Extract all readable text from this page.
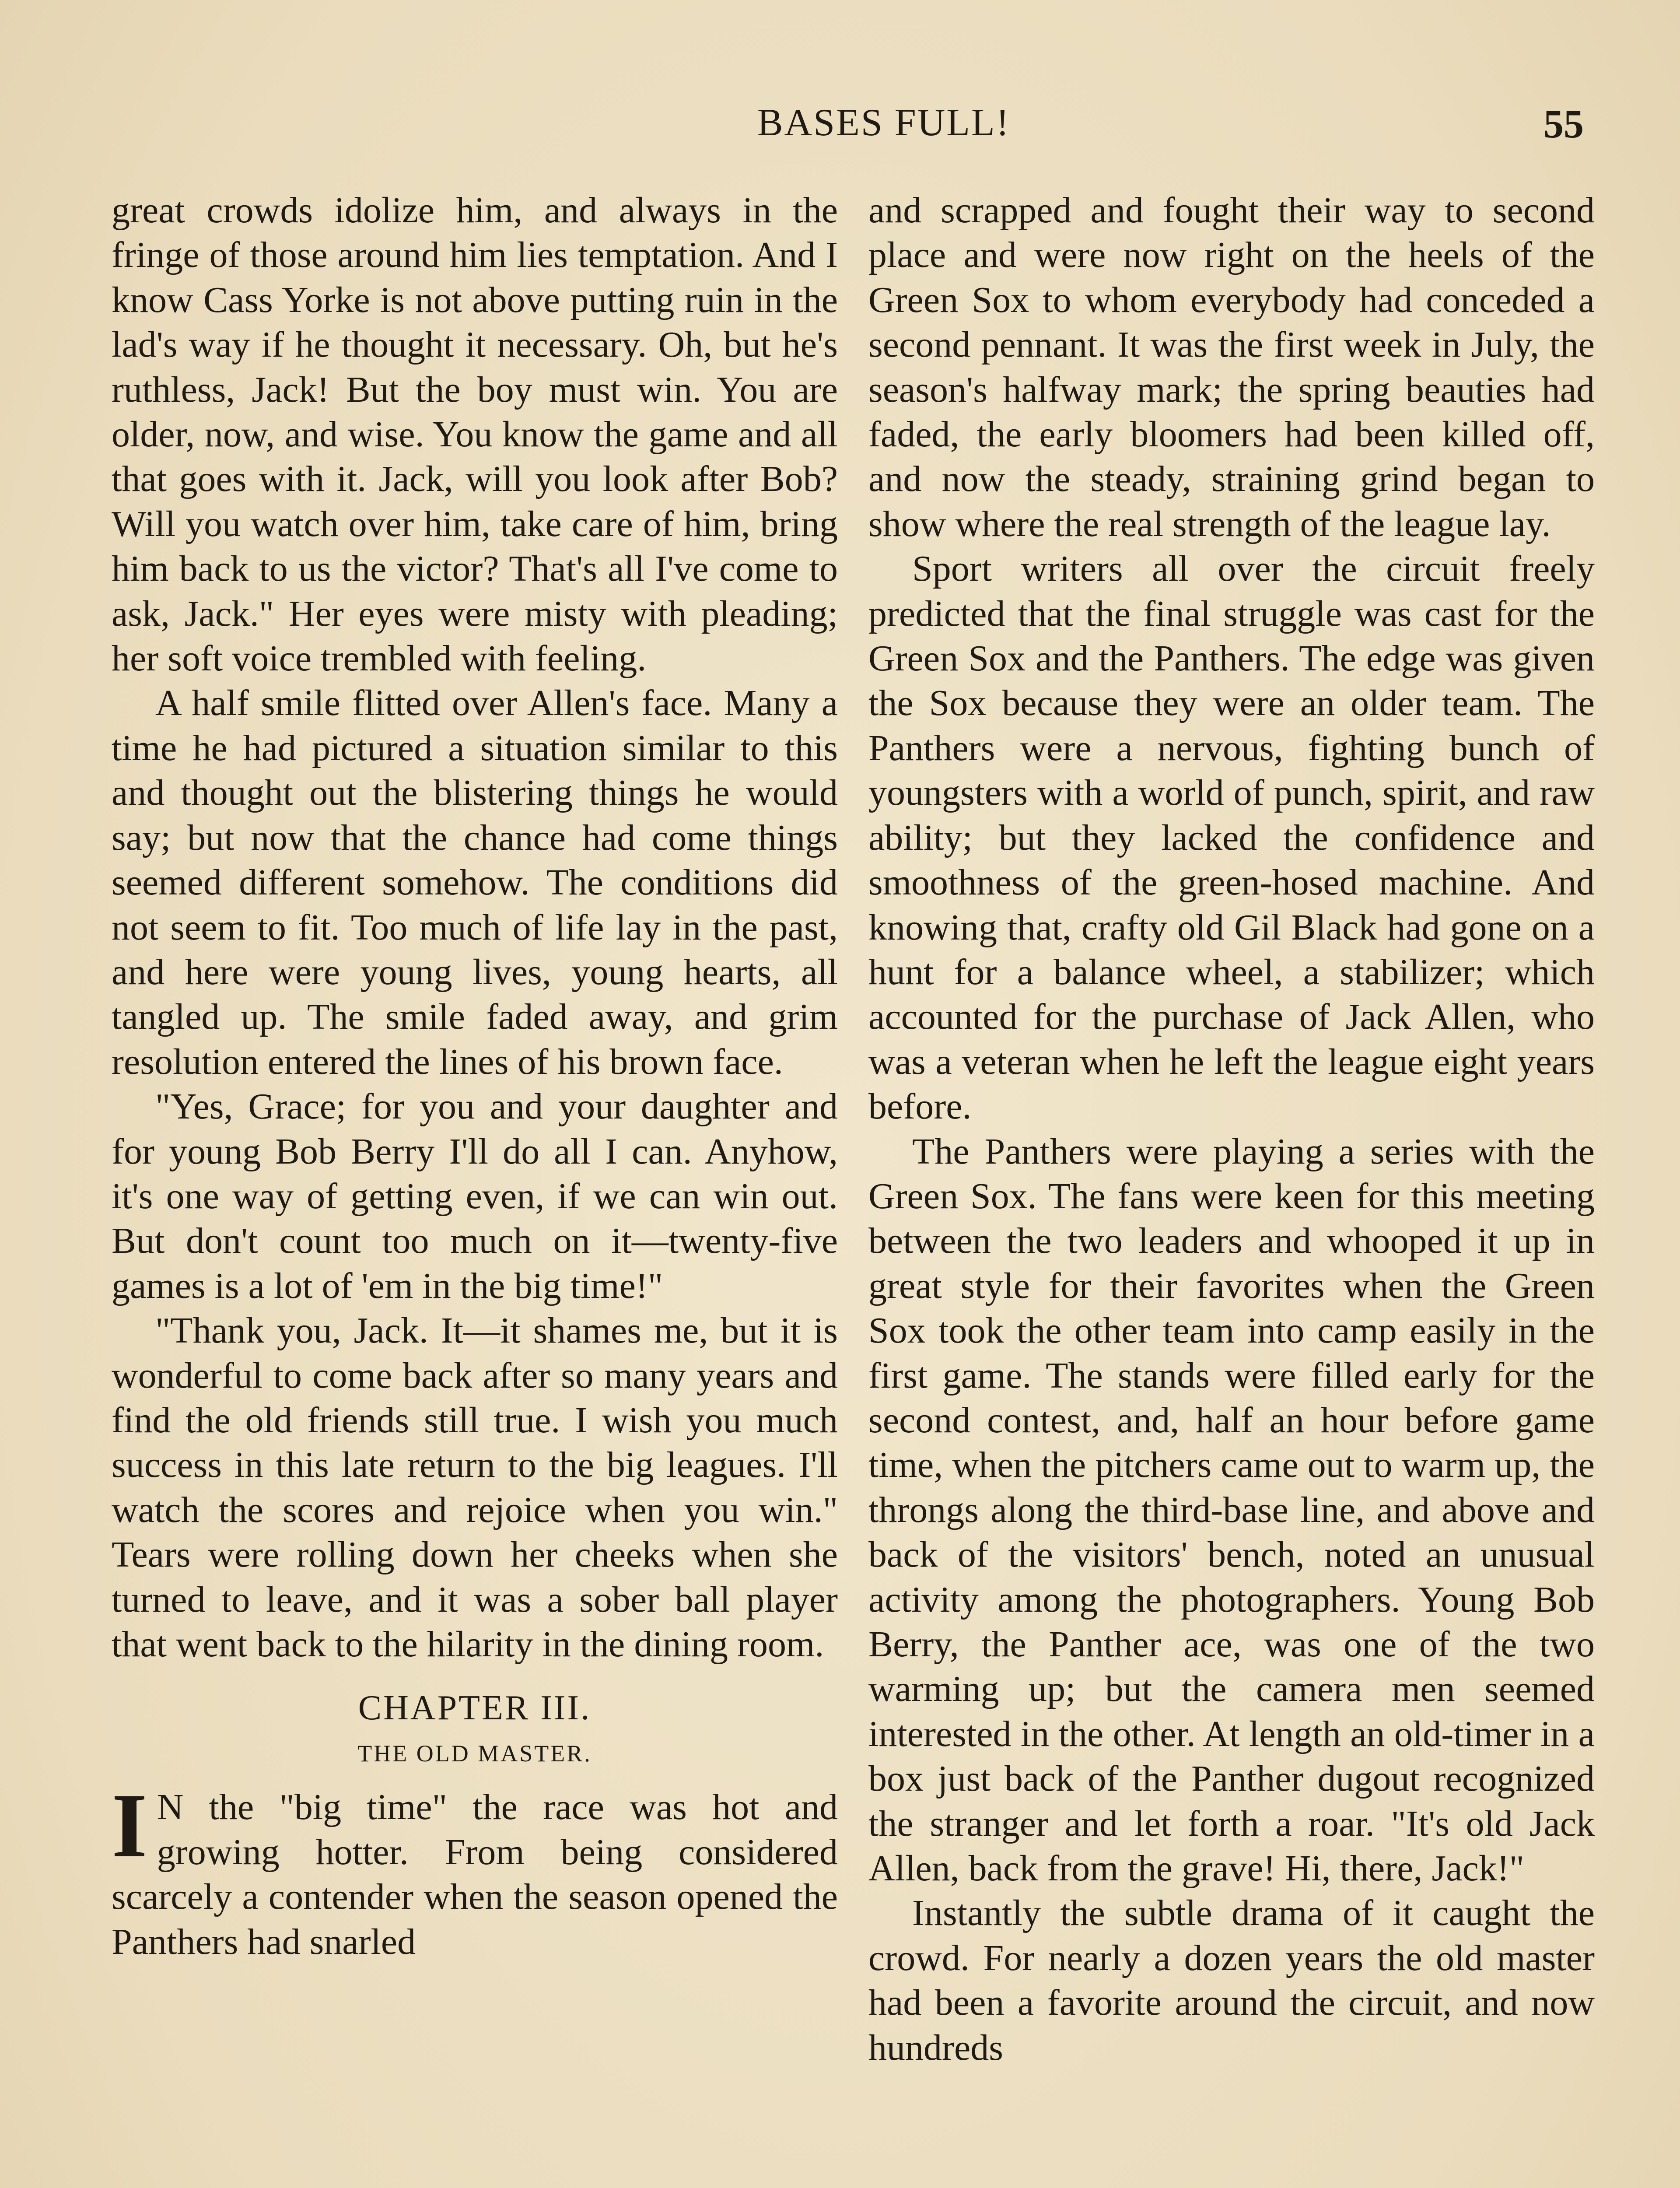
BASES FULL!	55

great crowds idolize him, and always in the fringe of those around him lies temptation. And I know Cass Yorke is not above putting ruin in the lad's way if he thought it necessary. Oh, but he's ruthless, Jack! But the boy must win. You are older, now, and wise. You know the game and all that goes with it. Jack, will you look after Bob? Will you watch over him, take care of him, bring him back to us the victor? That's all I've come to ask, Jack." Her eyes were misty with pleading; her soft voice trembled with feeling.

A half smile flitted over Allen's face. Many a time he had pictured a situation similar to this and thought out the blistering things he would say; but now that the chance had come things seemed different somehow. The conditions did not seem to fit. Too much of life lay in the past, and here were young lives, young hearts, all tangled up. The smile faded away, and grim resolution entered the lines of his brown face.

"Yes, Grace; for you and your daughter and for young Bob Berry I'll do all I can. Anyhow, it's one way of getting even, if we can win out. But don't count too much on it—twenty-five games is a lot of 'em in the big time!"

"Thank you, Jack. It—it shames me, but it is wonderful to come back after so many years and find the old friends still true. I wish you much success in this late return to the big leagues. I'll watch the scores and rejoice when you win." Tears were rolling down her cheeks when she turned to leave, and it was a sober ball player that went back to the hilarity in the dining room.

CHAPTER III.
THE OLD MASTER.
I N the "big time" the race was hot and growing hotter. From being considered scarcely a contender when the season opened the Panthers had snarled

and scrapped and fought their way to second place and were now right on the heels of the Green Sox to whom everybody had conceded a second pennant. It was the first week in July, the season's halfway mark; the spring beauties had faded, the early bloomers had been killed off, and now the steady, straining grind began to show where the real strength of the league lay.

Sport writers all over the circuit freely predicted that the final struggle was cast for the Green Sox and the Panthers. The edge was given the Sox because they were an older team. The Panthers were a nervous, fighting bunch of youngsters with a world of punch, spirit, and raw ability; but they lacked the confidence and smoothness of the green-hosed machine. And knowing that, crafty old Gil Black had gone on a hunt for a balance wheel, a stabilizer; which accounted for the purchase of Jack Allen, who was a veteran when he left the league eight years before.

The Panthers were playing a series with the Green Sox. The fans were keen for this meeting between the two leaders and whooped it up in great style for their favorites when the Green Sox took the other team into camp easily in the first game. The stands were filled early for the second contest, and, half an hour before game time, when the pitchers came out to warm up, the throngs along the third-base line, and above and back of the visitors' bench, noted an unusual activity among the photographers. Young Bob Berry, the Panther ace, was one of the two warming up; but the camera men seemed interested in the other. At length an old-timer in a box just back of the Panther dugout recognized the stranger and let forth a roar. "It's old Jack Allen, back from the grave! Hi, there, Jack!"

Instantly the subtle drama of it caught the crowd. For nearly a dozen years the old master had been a favorite around the circuit, and now hundreds
